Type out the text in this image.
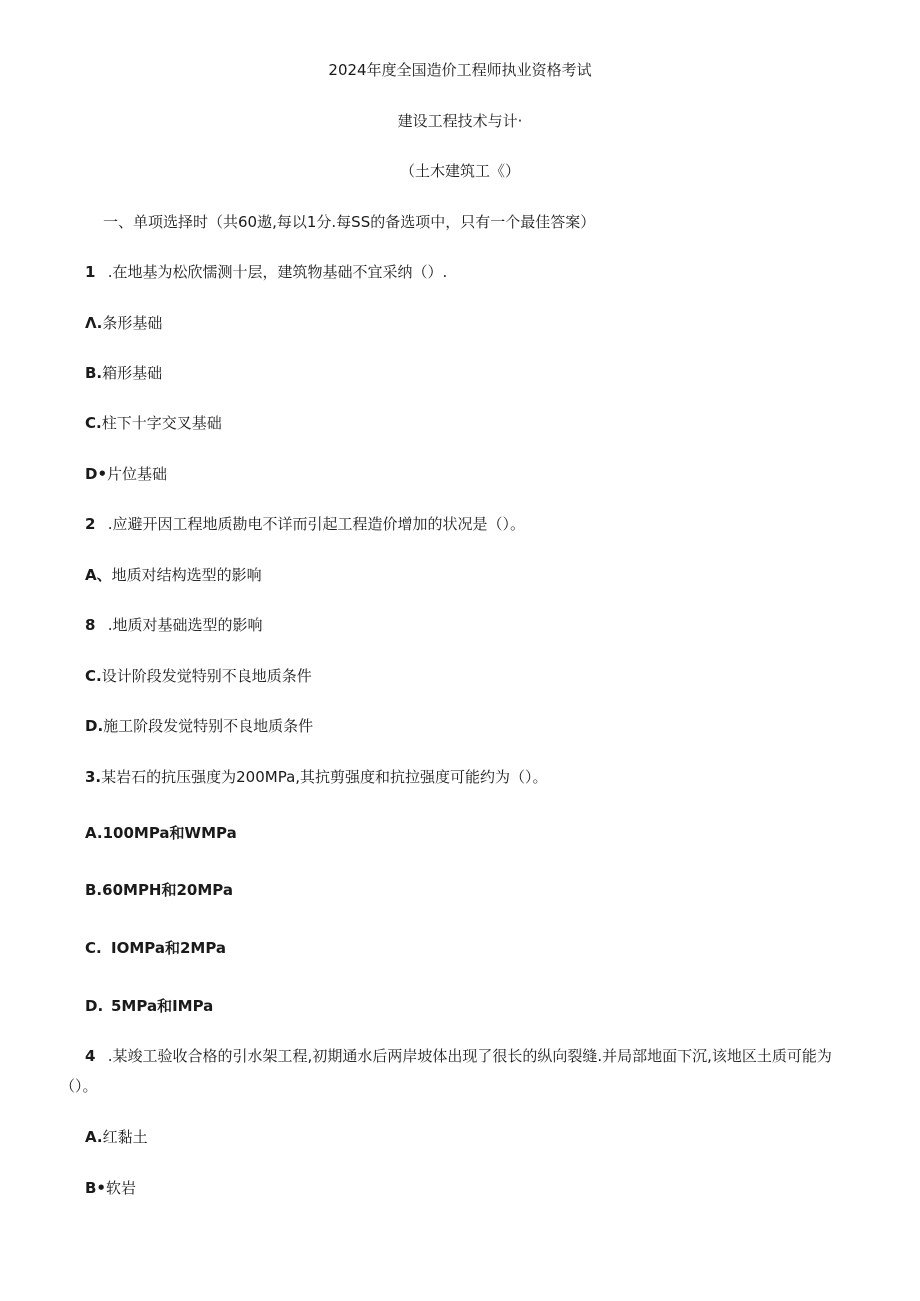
2024年度全国造价工程师执业资格考试
建设工程技术与计·
（土木建筑工《）
一、单项选择时（共60遨,每以1分.每SS的备选项中，只有一个最佳答案）
1 .在地基为松欣懦测十层，建筑物基础不宜采纳（）.
Λ.条形基础
B.箱形基础
C.柱下十字交叉基础
D•片位基础
2 .应避开因工程地质勘电不详而引起工程造价增加的状况是（）。
A、地质对结构选型的影响
8 .地质对基础选型的影响
C.设计阶段发觉特别不良地质条件
D.施工阶段发觉特别不良地质条件
3.某岩石的抗压强度为200MPa,其抗剪强度和抗拉强度可能约为（）。
A.100MPa和WMPa
B.60MPH和20MPa
C. IOMPa和2MPa
D. 5MPa和IMPa
4 .某竣工验收合格的引水架工程,初期通水后两岸坡体出现了很长的纵向裂缝.并局部地面下沉,该地区土质可能为
（）。
A.红黏土
B•软岩
